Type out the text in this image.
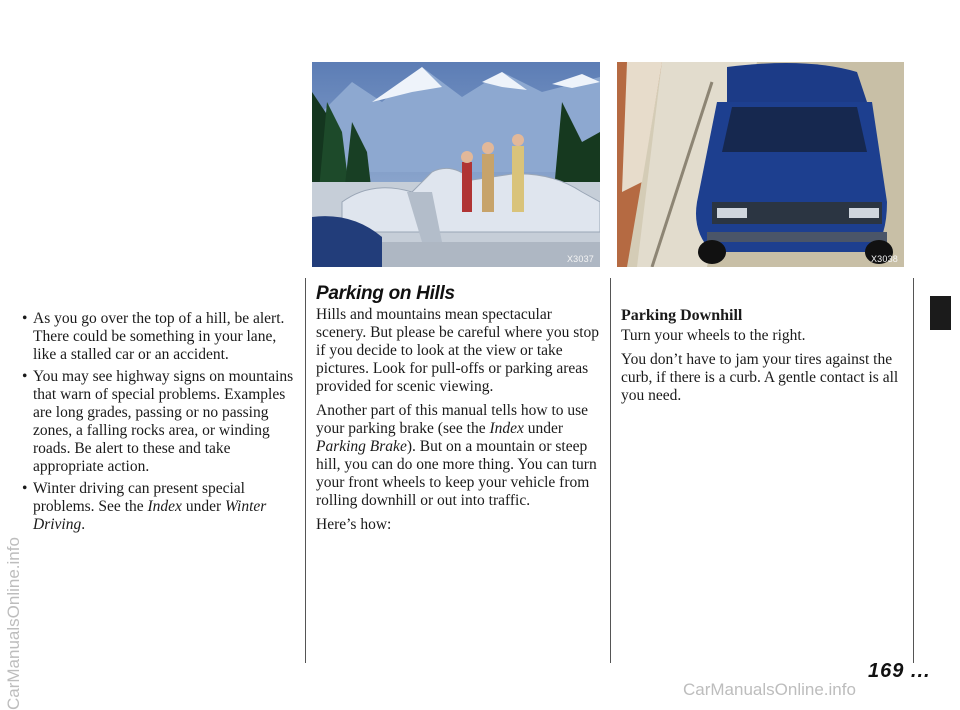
X3037	X3038
• As you go over the top of a hill, be alert. There could be something in your lane, like a stalled car or an accident.
• You may see highway signs on mountains that warn of special problems. Examples are long grades, passing or no passing zones, a falling rocks area, or winding roads. Be alert to these and take appropriate action.
• Winter driving can present special problems. See the Index under Winter Driving.
Parking on Hills

Hills and mountains mean spectacular scenery. But please be careful where you stop if you decide to look at the view or take pictures. Look for pull-offs or parking areas provided for scenic viewing.

Another part of this manual tells how to use your parking brake (see the Index under Parking Brake). But on a mountain or steep hill, you can do one more thing. You can turn your front wheels to keep your vehicle from rolling downhill or out into traffic.

Here’s how:

Parking Downhill

Turn your wheels to the right.

You don’t have to jam your tires against the curb, if there is a curb. A gentle contact is all you need.

169 ...
CarManualsOnline.info	CarManualsOnline.info
